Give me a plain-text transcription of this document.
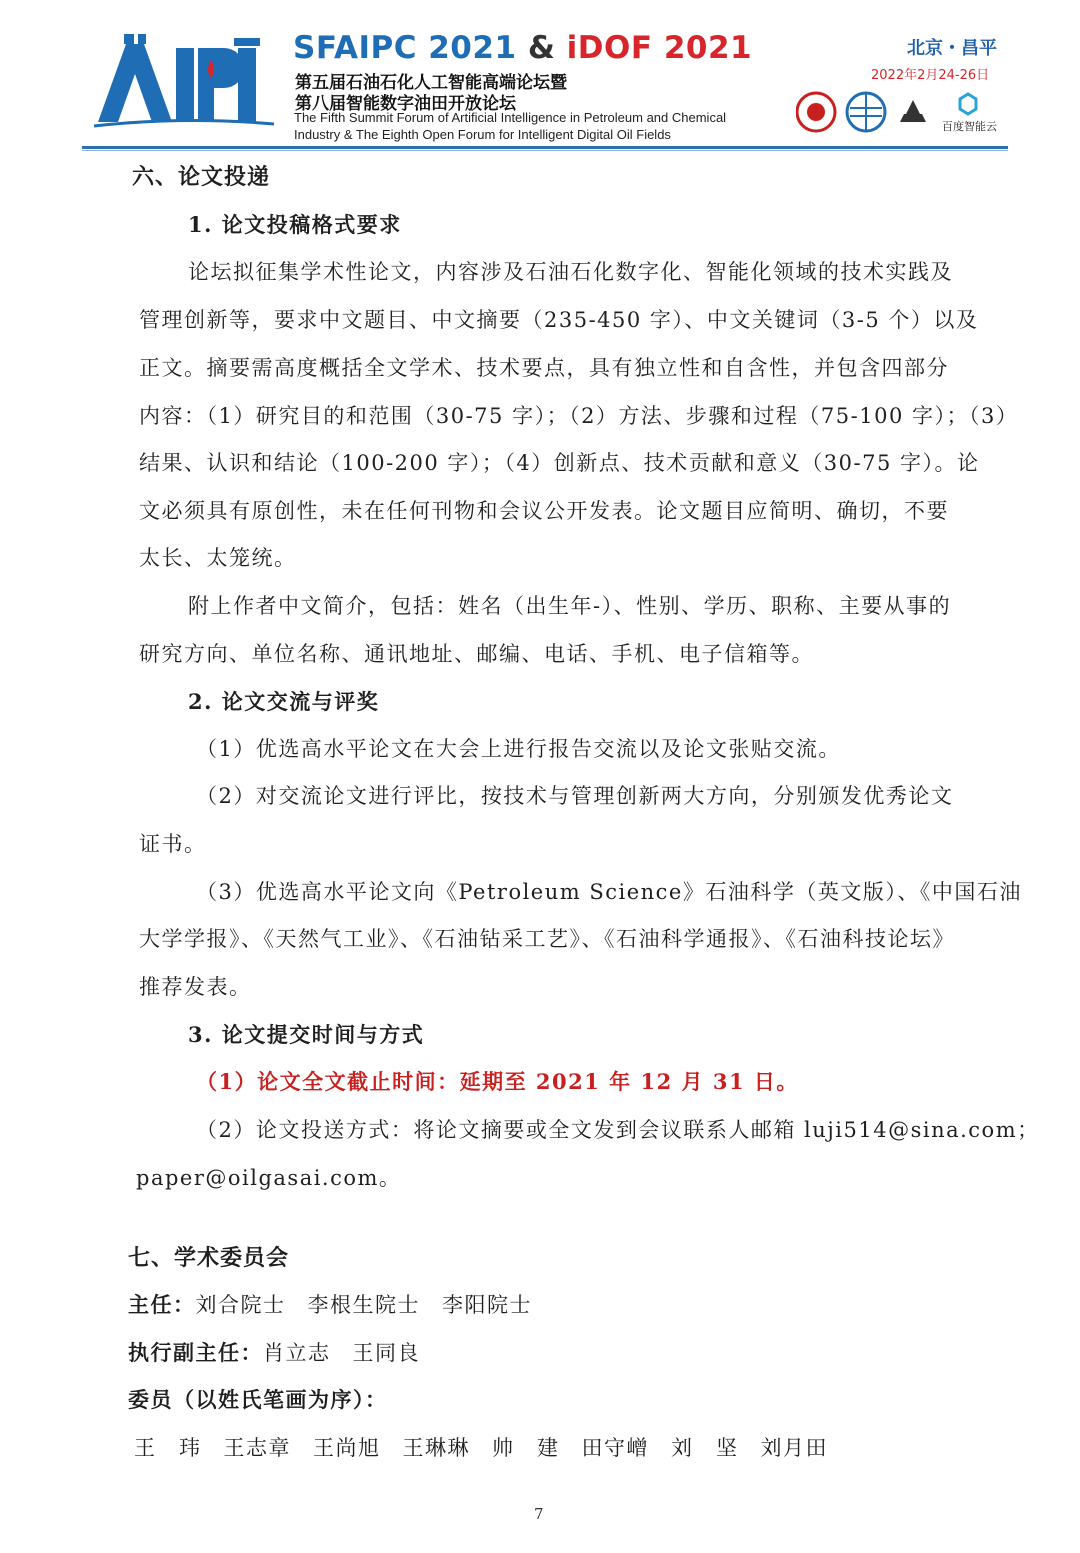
SFAIPC 2021 & iDOF 2021
第五届石油石化人工智能高端论坛暨
第八届智能数字油田开放论坛
The Fifth Summit Forum of Artificial Intelligence in Petroleum and Chemical
Industry & The Eighth Open Forum for Intelligent Digital Oil Fields
北京・昌平
2022年2月24-26日
百度智能云
六、论文投递
1. 论文投稿格式要求
论坛拟征集学术性论文，内容涉及石油石化数字化、智能化领域的技术实践及
管理创新等，要求中文题目、中文摘要（235-450 字）、中文关键词（3-5 个）以及
正文。摘要需高度概括全文学术、技术要点，具有独立性和自含性，并包含四部分
内容：（1）研究目的和范围（30-75 字）；（2）方法、步骤和过程（75-100 字）；（3）
结果、认识和结论（100-200 字）；（4）创新点、技术贡献和意义（30-75 字）。论
文必须具有原创性，未在任何刊物和会议公开发表。论文题目应简明、确切，不要
太长、太笼统。
附上作者中文简介，包括：姓名（出生年-）、性别、学历、职称、主要从事的
研究方向、单位名称、通讯地址、邮编、电话、手机、电子信箱等。
2. 论文交流与评奖
（1）优选高水平论文在大会上进行报告交流以及论文张贴交流。
（2）对交流论文进行评比，按技术与管理创新两大方向，分别颁发优秀论文
证书。
（3）优选高水平论文向《Petroleum Science》石油科学（英文版）、《中国石油
大学学报》、《天然气工业》、《石油钻采工艺》、《石油科学通报》、《石油科技论坛》
推荐发表。
3. 论文提交时间与方式
（1）论文全文截止时间：延期至 2021 年 12 月 31 日。
（2）论文投送方式：将论文摘要或全文发到会议联系人邮箱 luji514@sina.com；
paper@oilgasai.com。
七、学术委员会
主任：刘合院士 李根生院士 李阳院士
执行副主任：肖立志 王同良
委员（以姓氏笔画为序）：
王　玮 王志章 王尚旭 王琳琳 帅　建 田守嶒 刘　坚 刘月田
7
